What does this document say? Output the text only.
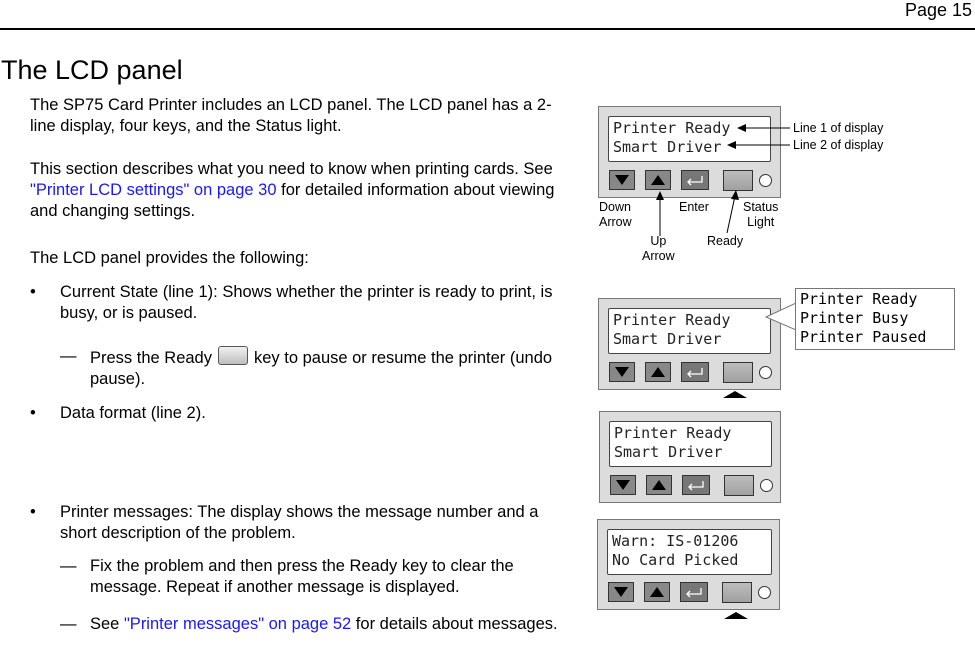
Page 15
The LCD panel

The SP75 Card Printer includes an LCD panel. The LCD panel has a 2-line display, four keys, and the Status light.

This section describes what you need to know when printing cards. See "Printer LCD settings" on page 30 for detailed information about viewing and changing settings.

The LCD panel provides the following:

• Current State (line 1): Shows whether the printer is ready to print, is busy, or is paused.

— Press the Ready	key to pause or resume the printer (undo pause).

• Data format (line 2).

• Printer messages: The display shows the message number and a short description of the problem.

— Fix the problem and then press the Ready key to clear the message. Repeat if another message is displayed.

— See "Printer messages" on page 52 for details about messages.

Printer Ready
Smart Driver
Line 1 of display
Line 2 of display
Down
Arrow
Enter	Status
Light
Up
Arrow
Ready
Printer Ready
Smart Driver
Printer Ready
Printer Busy
Printer Paused
Printer Ready
Smart Driver
Warn: IS-01206
No Card Picked
